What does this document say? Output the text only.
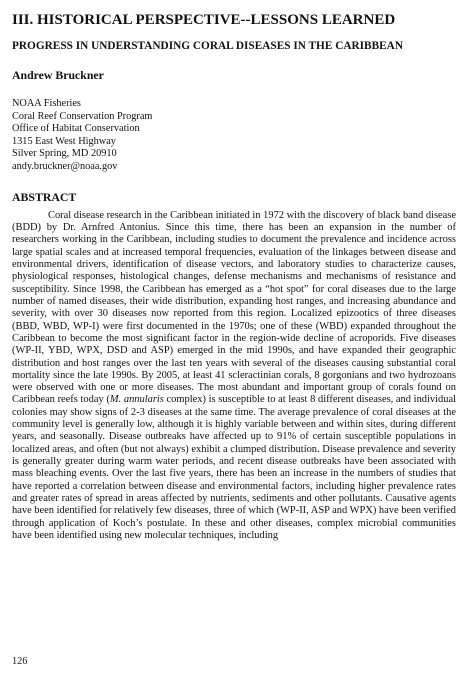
III. HISTORICAL PERSPECTIVE--LESSONS LEARNED
PROGRESS IN UNDERSTANDING CORAL DISEASES IN THE CARIBBEAN
Andrew Bruckner
NOAA Fisheries
Coral Reef Conservation Program
Office of Habitat Conservation
1315 East West Highway
Silver Spring, MD 20910
andy.bruckner@noaa.gov
ABSTRACT

Coral disease research in the Caribbean initiated in 1972 with the discovery of black band disease (BDD) by Dr. Arnfred Antonius. Since this time, there has been an expansion in the number of researchers working in the Caribbean, including studies to document the prevalence and incidence across large spatial scales and at increased temporal frequencies, evaluation of the linkages between disease and environmental drivers, identification of disease vectors, and laboratory studies to characterize causes, physiological responses, histological changes, defense mechanisms and mechanisms of resistance and susceptibility. Since 1998, the Caribbean has emerged as a “hot spot” for coral diseases due to the large number of named diseases, their wide distribution, expanding host ranges, and increasing abundance and severity, with over 30 diseases now reported from this region. Localized epizootics of three diseases (BBD, WBD, WP-I) were first documented in the 1970s; one of these (WBD) expanded throughout the Caribbean to become the most significant factor in the region-wide decline of acroporids. Five diseases (WP-II, YBD, WPX, DSD and ASP) emerged in the mid 1990s, and have expanded their geographic distribution and host ranges over the last ten years with several of the diseases causing substantial coral mortality since the late 1990s. By 2005, at least 41 scleractinian corals, 8 gorgonians and two hydrozoans were observed with one or more diseases. The most abundant and important group of corals found on Caribbean reefs today (M. annularis complex) is susceptible to at least 8 different diseases, and individual colonies may show signs of 2-3 diseases at the same time. The average prevalence of coral diseases at the community level is generally low, although it is highly variable between and within sites, during different years, and seasonally. Disease outbreaks have affected up to 91% of certain susceptible populations in localized areas, and often (but not always) exhibit a clumped distribution. Disease prevalence and severity is generally greater during warm water periods, and recent disease outbreaks have been associated with mass bleaching events. Over the last five years, there has been an increase in the numbers of studies that have reported a correlation between disease and environmental factors, including higher prevalence rates and greater rates of spread in areas affected by nutrients, sediments and other pollutants. Causative agents have been identified for relatively few diseases, three of which (WP-II, ASP and WPX) have been verified through application of Koch’s postulate. In these and other diseases, complex microbial communities have been identified using new molecular techniques, including

126
